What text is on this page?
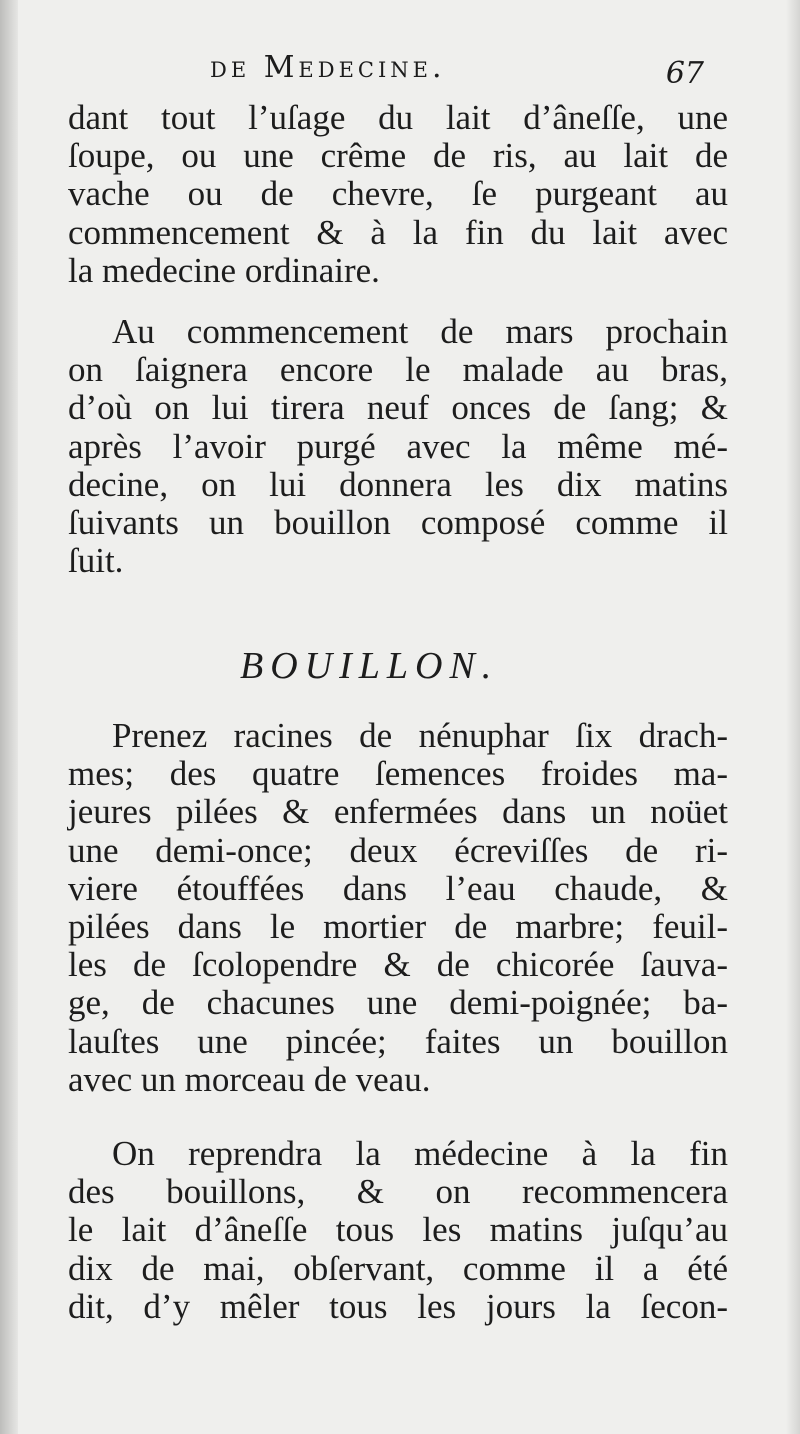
de Medecine.	67

dant tout l’uſage du lait d’âneſſe, une
ſoupe, ou une crême de ris, au lait de
vache ou de chevre, ſe purgeant au
commencement & à la fin du lait avec
la medecine ordinaire.

Au commencement de mars prochain
on ſaignera encore le malade au bras,
d’où on lui tirera neuf onces de ſang; &
après l’avoir purgé avec la même mé-
decine, on lui donnera les dix matins
ſuivants un bouillon composé comme il
ſuit.

BOUILLON.

Prenez racines de nénuphar ſix drach-
mes; des quatre ſemences froides ma-
jeures pilées & enfermées dans un noüet
une demi-once; deux écreviſſes de ri-
viere étouffées dans l’eau chaude, &
pilées dans le mortier de marbre; feuil-
les de ſcolopendre & de chicorée ſauva-
ge, de chacunes une demi-poignée; ba-
lauſtes une pincée; faites un bouillon
avec un morceau de veau.

On reprendra la médecine à la fin
des bouillons, & on recommencera
le lait d’âneſſe tous les matins juſqu’au
dix de mai, obſervant, comme il a été
dit, d’y mêler tous les jours la ſecon-
